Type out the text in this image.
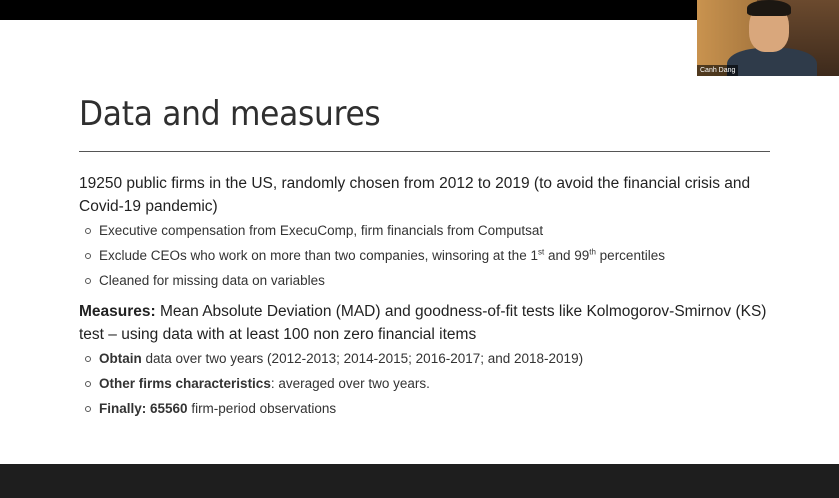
Data and measures

19250 public firms in the US, randomly chosen from 2012 to 2019 (to avoid the financial crisis and Covid-19 pandemic)

Executive compensation from ExecuComp, firm financials from Computsat
Exclude CEOs who work on more than two companies, winsoring at the 1st and 99th percentiles
Cleaned for missing data on variables

Measures: Mean Absolute Deviation (MAD) and goodness-of-fit tests like Kolmogorov-Smirnov (KS) test – using data with at least 100 non zero financial items

Obtain data over two years (2012-2013; 2014-2015; 2016-2017; and 2018-2019)
Other firms characteristics: averaged over two years.
Finally: 65560 firm-period observations
Canh Dang
